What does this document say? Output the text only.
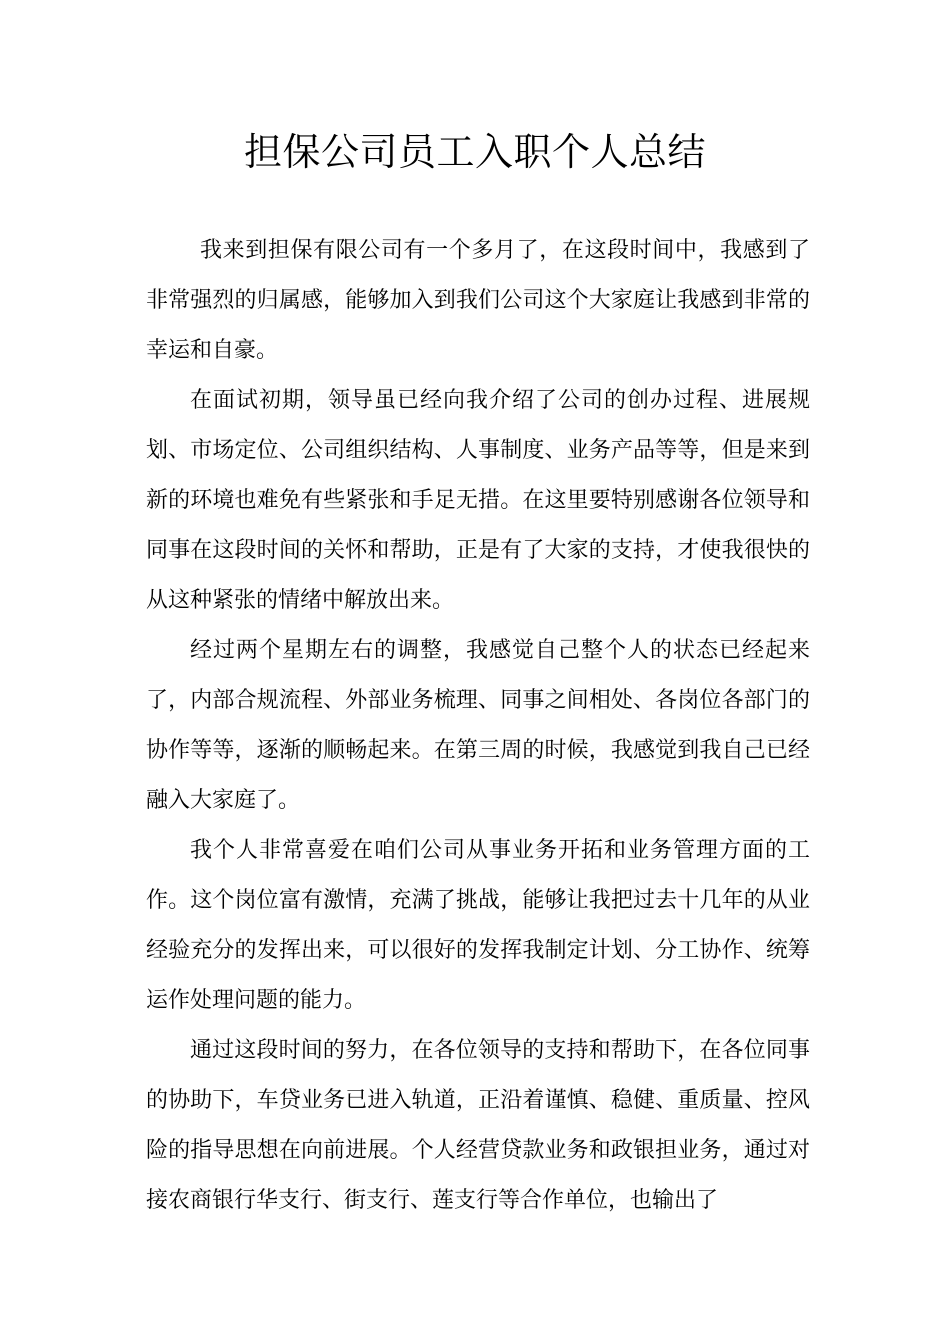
担保公司员工入职个人总结

我来到担保有限公司有一个多月了，在这段时间中，我感到了非常强烈的归属感，能够加入到我们公司这个大家庭让我感到非常的幸运和自豪。

在面试初期，领导虽已经向我介绍了公司的创办过程、进展规划、市场定位、公司组织结构、人事制度、业务产品等等，但是来到新的环境也难免有些紧张和手足无措。在这里要特别感谢各位领导和同事在这段时间的关怀和帮助，正是有了大家的支持，才使我很快的从这种紧张的情绪中解放出来。

经过两个星期左右的调整，我感觉自己整个人的状态已经起来了，内部合规流程、外部业务梳理、同事之间相处、各岗位各部门的协作等等，逐渐的顺畅起来。在第三周的时候，我感觉到我自己已经融入大家庭了。

我个人非常喜爱在咱们公司从事业务开拓和业务管理方面的工作。这个岗位富有激情，充满了挑战，能够让我把过去十几年的从业经验充分的发挥出来，可以很好的发挥我制定计划、分工协作、统筹运作处理问题的能力。

通过这段时间的努力，在各位领导的支持和帮助下，在各位同事的协助下，车贷业务已进入轨道，正沿着谨慎、稳健、重质量、控风险的指导思想在向前进展。个人经营贷款业务和政银担业务，通过对接农商银行华支行、街支行、莲支行等合作单位，也输出了
